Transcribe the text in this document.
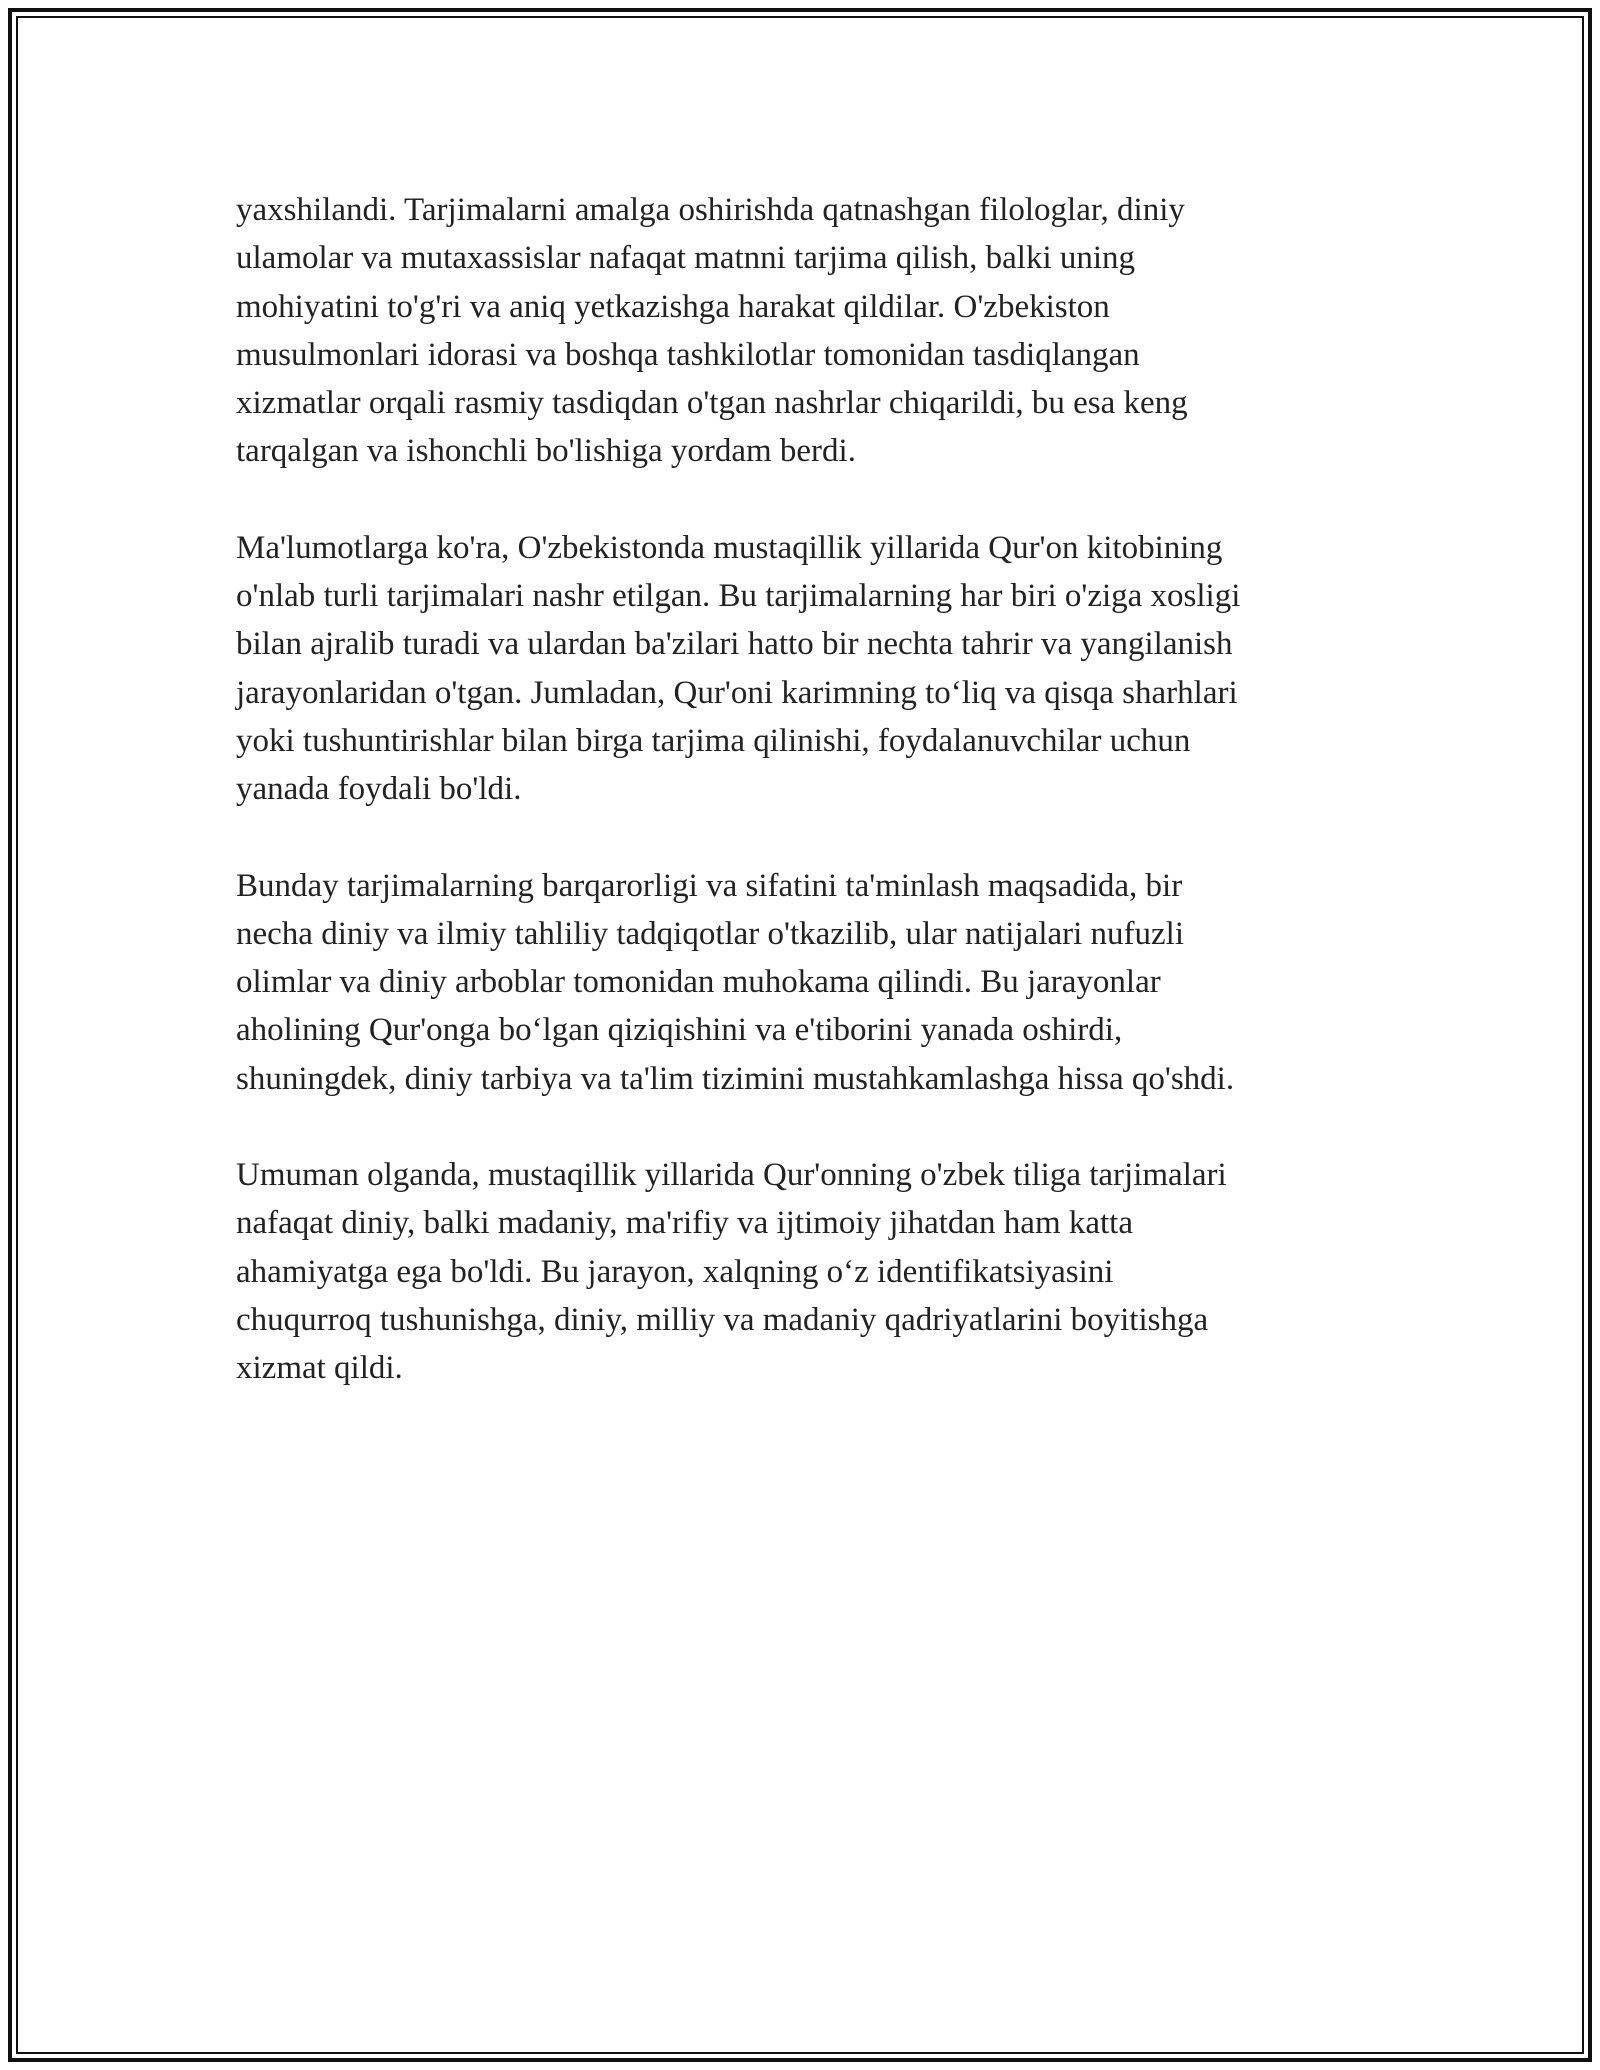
yaxshilandi. Tarjimalarni amalga oshirishda qatnashgan filologlar, diniy
ulamolar va mutaxassislar nafaqat matnni tarjima qilish, balki uning
mohiyatini to'g'ri va aniq yetkazishga harakat qildilar. O'zbekiston
musulmonlari idorasi va boshqa tashkilotlar tomonidan tasdiqlangan
xizmatlar orqali rasmiy tasdiqdan o'tgan nashrlar chiqarildi, bu esa keng
tarqalgan va ishonchli bo'lishiga yordam berdi.

Ma'lumotlarga ko'ra, O'zbekistonda mustaqillik yillarida Qur'on kitobining
o'nlab turli tarjimalari nashr etilgan. Bu tarjimalarning har biri o'ziga xosligi
bilan ajralib turadi va ulardan ba'zilari hatto bir nechta tahrir va yangilanish
jarayonlaridan o'tgan. Jumladan, Qur'oni karimning to‘liq va qisqa sharhlari
yoki tushuntirishlar bilan birga tarjima qilinishi, foydalanuvchilar uchun
yanada foydali bo'ldi.

Bunday tarjimalarning barqarorligi va sifatini ta'minlash maqsadida, bir
necha diniy va ilmiy tahliliy tadqiqotlar o'tkazilib, ular natijalari nufuzli
olimlar va diniy arboblar tomonidan muhokama qilindi. Bu jarayonlar
aholining Qur'onga bo‘lgan qiziqishini va e'tiborini yanada oshirdi,
shuningdek, diniy tarbiya va ta'lim tizimini mustahkamlashga hissa qo'shdi.

Umuman olganda, mustaqillik yillarida Qur'onning o'zbek tiliga tarjimalari
nafaqat diniy, balki madaniy, ma'rifiy va ijtimoiy jihatdan ham katta
ahamiyatga ega bo'ldi. Bu jarayon, xalqning o‘z identifikatsiyasini
chuqurroq tushunishga, diniy, milliy va madaniy qadriyatlarini boyitishga
xizmat qildi.
